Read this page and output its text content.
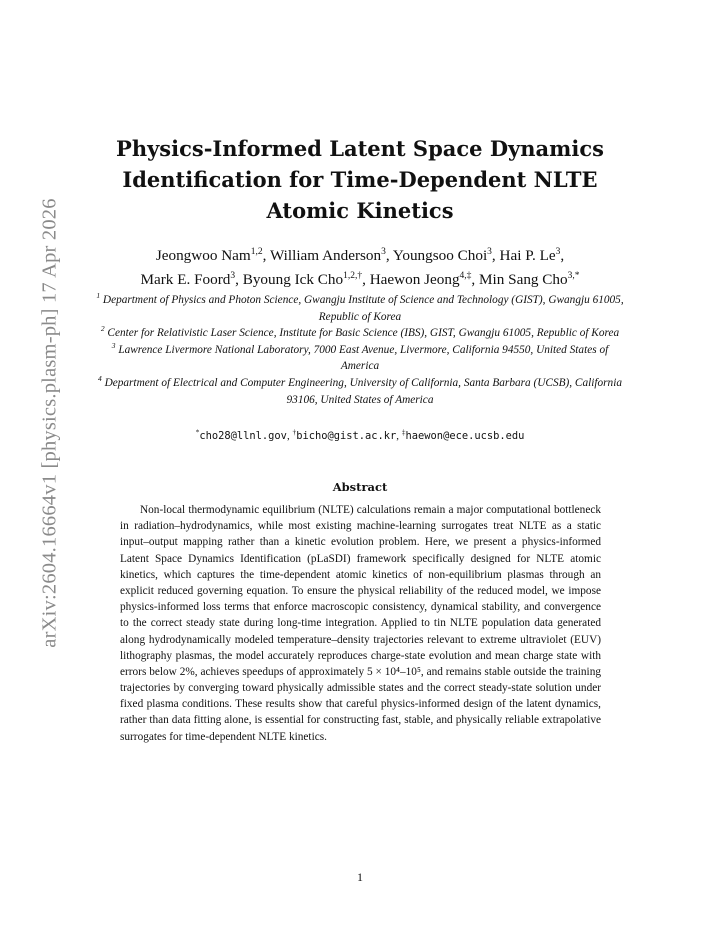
arXiv:2604.16664v1 [physics.plasm-ph] 17 Apr 2026
Physics-Informed Latent Space Dynamics Identification for Time-Dependent NLTE Atomic Kinetics
Jeongwoo Nam$^{1,2}$, William Anderson$^3$, Youngsoo Choi$^3$, Hai P. Le$^3$,
Mark E. Foord$^3$, Byoung Ick Cho$^{1,2,\dagger}$, Haewon Jeong$^{4,\ddagger}$, Min Sang Cho$^{3,*}$
$^1$ Department of Physics and Photon Science, Gwangju Institute of Science and Technology (GIST), Gwangju 61005, Republic of Korea
$^2$ Center for Relativistic Laser Science, Institute for Basic Science (IBS), GIST, Gwangju 61005, Republic of Korea
$^3$ Lawrence Livermore National Laboratory, 7000 East Avenue, Livermore, California 94550, United States of America
$^4$ Department of Electrical and Computer Engineering, University of California, Santa Barbara (UCSB), California 93106, United States of America
*cho28@llnl.gov, †bicho@gist.ac.kr, ‡haewon@ece.ucsb.edu
Abstract
Non-local thermodynamic equilibrium (NLTE) calculations remain a major computational bottleneck in radiation–hydrodynamics, while most existing machine-learning surrogates treat NLTE as a static input–output mapping rather than a kinetic evolution problem. Here, we present a physics-informed Latent Space Dynamics Identification (pLaSDI) framework specifically designed for NLTE atomic kinetics, which captures the time-dependent atomic kinetics of non-equilibrium plasmas through an explicit reduced governing equation. To ensure the physical reliability of the reduced model, we impose physics-informed loss terms that enforce macroscopic consistency, dynamical stability, and convergence to the correct steady state during long-time integration. Applied to tin NLTE population data generated along hydrodynamically modeled temperature–density trajectories relevant to extreme ultraviolet (EUV) lithography plasmas, the model accurately reproduces charge-state evolution and mean charge state with errors below 2%, achieves speedups of approximately 5 × 10⁴–10⁵, and remains stable outside the training trajectories by converging toward physically admissible states and the correct steady-state solution under fixed plasma conditions. These results show that careful physics-informed design of the latent dynamics, rather than data fitting alone, is essential for constructing fast, stable, and physically reliable extrapolative surrogates for time-dependent NLTE kinetics.
1
